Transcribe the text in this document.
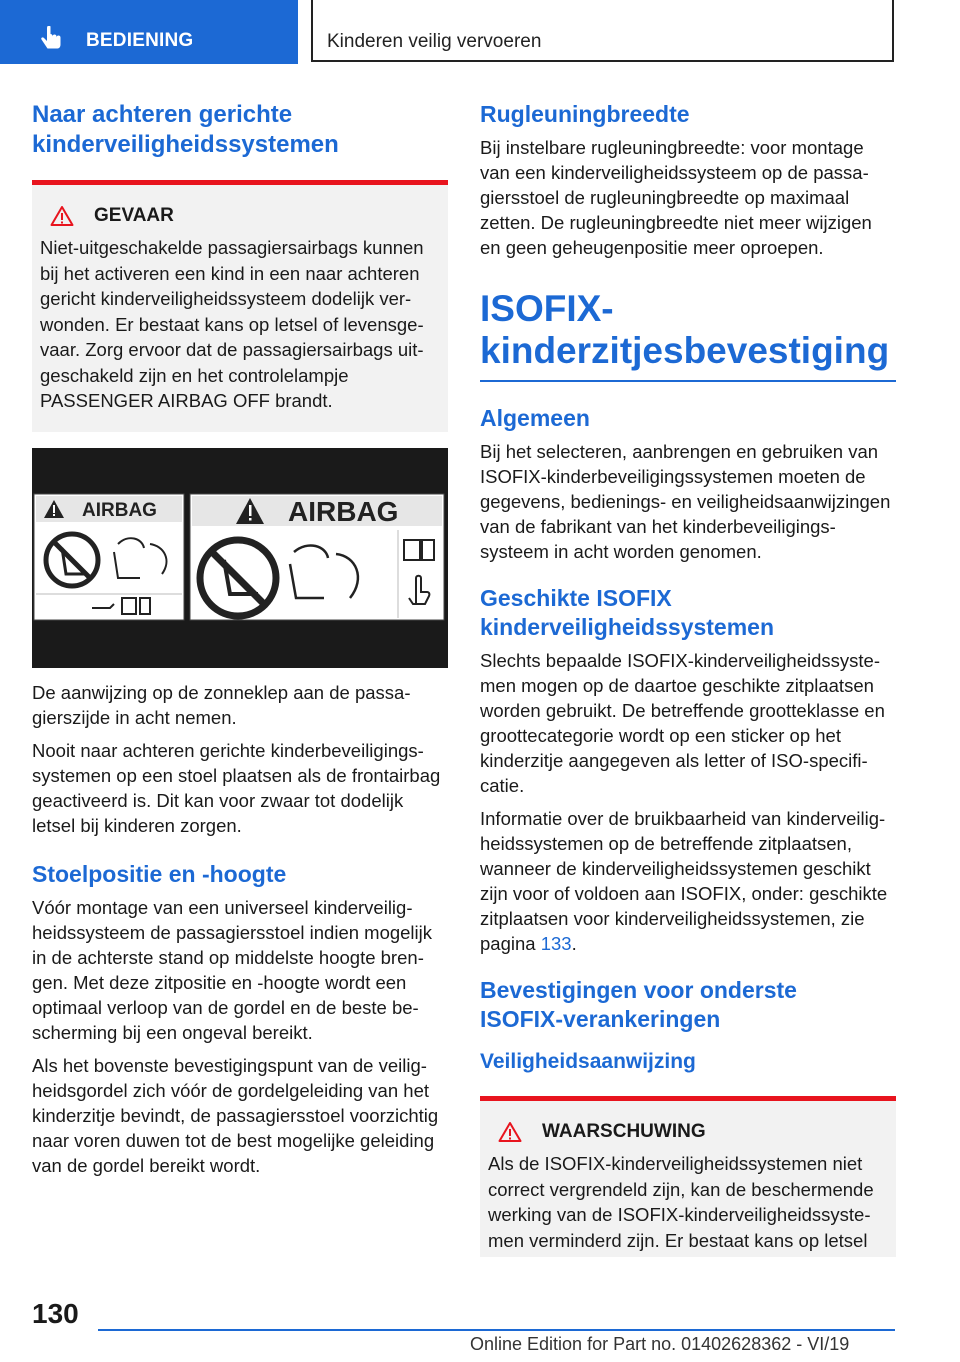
BEDIENING	Kinderen veilig vervoeren
Naar achteren gerichte kinderveiligheidssystemen
GEVAAR

Niet-uitgeschakelde passagiersairbags kunnen bij het activeren een kind in een naar achteren gericht kinderveiligheidssysteem dodelijk verwonden. Er bestaat kans op letsel of levensgevaar. Zorg ervoor dat de passagiersairbags uitgeschakeld zijn en het controlelampje PASSENGER AIRBAG OFF brandt.

AIRBAG	AIRBAG

De aanwijzing op de zonneklep aan de passagierszijde in acht nemen.

Nooit naar achteren gerichte kinderbeveiligingssystemen op een stoel plaatsen als de frontairbag geactiveerd is. Dit kan voor zwaar tot dodelijk letsel bij kinderen zorgen.

Stoelpositie en -hoogte

Vóór montage van een universeel kinderveiligheidssysteem de passagiersstoel indien mogelijk in de achterste stand op middelste hoogte brengen. Met deze zitpositie en -hoogte wordt een optimaal verloop van de gordel en de beste bescherming bij een ongeval bereikt.

Als het bovenste bevestigingspunt van de veiligheidsgordel zich vóór de gordelgeleiding van het kinderzitje bevindt, de passagiersstoel voorzichtig naar voren duwen tot de best mogelijke geleiding van de gordel bereikt wordt.

Rugleuningbreedte

Bij instelbare rugleuningbreedte: voor montage van een kinderveiligheidssysteem op de passagiersstoel de rugleuningbreedte op maximaal zetten. De rugleuningbreedte niet meer wijzigen en geen geheugenpositie meer oproepen.

ISOFIX-kinderzitjesbevestiging
Algemeen

Bij het selecteren, aanbrengen en gebruiken van ISOFIX-kinderbeveiligingssystemen moeten de gegevens, bedienings- en veiligheidsaanwijzingen van de fabrikant van het kinderbeveiligingssysteem in acht worden genomen.

Geschikte ISOFIX kinderveiligheidssystemen

Slechts bepaalde ISOFIX-kinderveiligheidssystemen mogen op de daartoe geschikte zitplaatsen worden gebruikt. De betreffende grootteklasse en groottecategorie wordt op een sticker op het kinderzitje aangegeven als letter of ISO-specificatie.

Informatie over de bruikbaarheid van kinderveiligheidssystemen op de betreffende zitplaatsen, wanneer de kinderveiligheidssystemen geschikt zijn voor of voldoen aan ISOFIX, onder: geschikte zitplaatsen voor kinderveiligheidssystemen, zie pagina 133.

Bevestigingen voor onderste ISOFIX-verankeringen
Veiligheidsaanwijzing
WAARSCHUWING

Als de ISOFIX-kinderveiligheidssystemen niet correct vergrendeld zijn, kan de beschermende werking van de ISOFIX-kinderveiligheidssystemen verminderd zijn. Er bestaat kans op letsel

130
Online Edition for Part no. 01402628362 - VI/19
